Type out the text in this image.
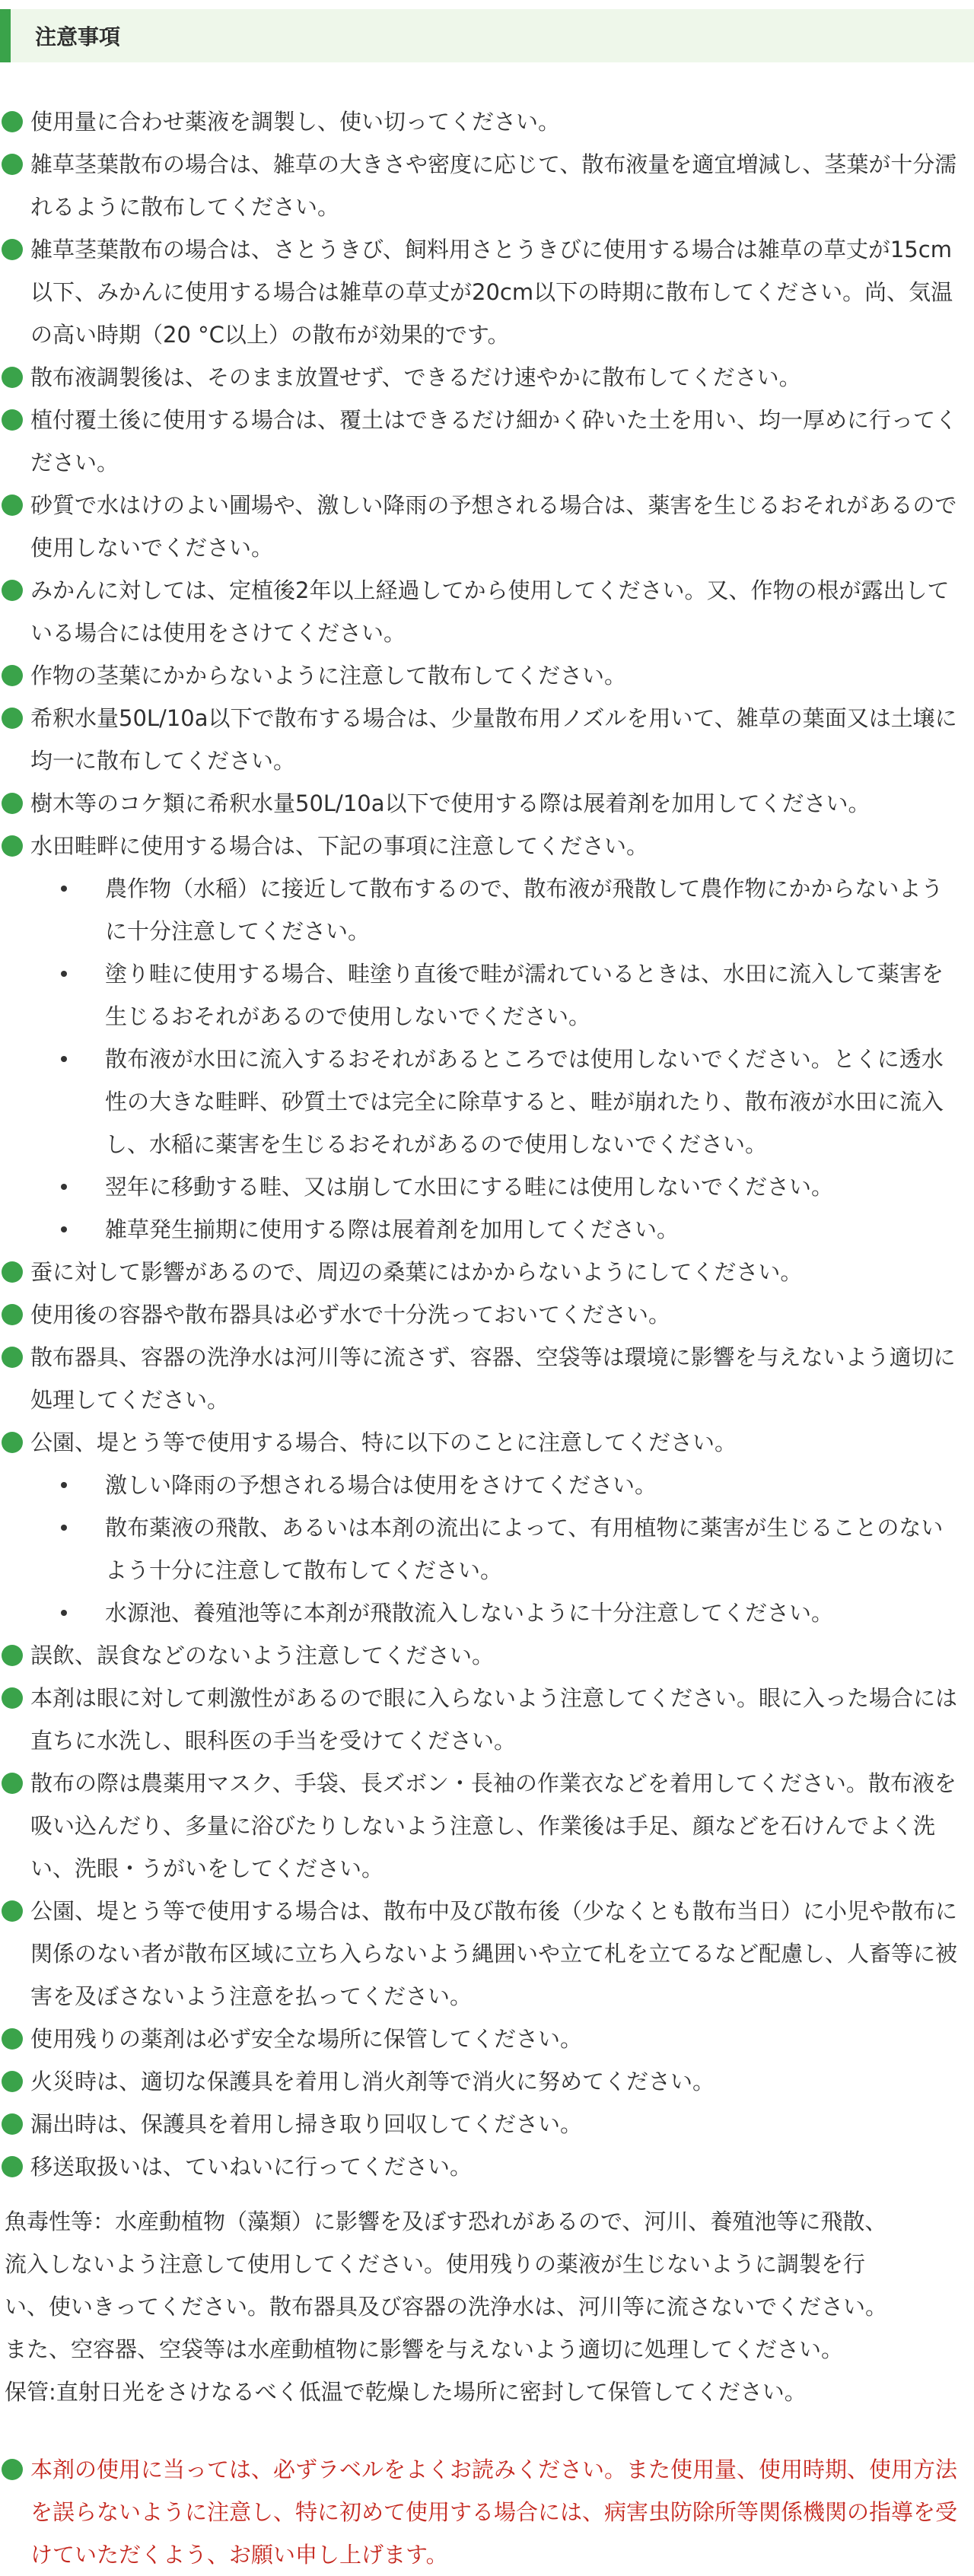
注意事項
使用量に合わせ薬液を調製し、使い切ってください。
雑草茎葉散布の場合は、雑草の大きさや密度に応じて、散布液量を適宜増減し、茎葉が十分濡れるように散布してください。
雑草茎葉散布の場合は、さとうきび、飼料用さとうきびに使用する場合は雑草の草丈が15cm以下、みかんに使用する場合は雑草の草丈が20cm以下の時期に散布してください。尚、気温の高い時期（20 °C以上）の散布が効果的です。
散布液調製後は、そのまま放置せず、できるだけ速やかに散布してください。
植付覆土後に使用する場合は、覆土はできるだけ細かく砕いた土を用い、均一厚めに行ってください。
砂質で水はけのよい圃場や、激しい降雨の予想される場合は、薬害を生じるおそれがあるので使用しないでください。
みかんに対しては、定植後2年以上経過してから使用してください。又、作物の根が露出している場合には使用をさけてください。
作物の茎葉にかからないように注意して散布してください。
希釈水量50L/10a以下で散布する場合は、少量散布用ノズルを用いて、雑草の葉面又は土壌に均一に散布してください。
樹木等のコケ類に希釈水量50L/10a以下で使用する際は展着剤を加用してください。
水田畦畔に使用する場合は、下記の事項に注意してください。
農作物（水稲）に接近して散布するので、散布液が飛散して農作物にかからないように十分注意してください。
塗り畦に使用する場合、畦塗り直後で畦が濡れているときは、水田に流入して薬害を生じるおそれがあるので使用しないでください。
散布液が水田に流入するおそれがあるところでは使用しないでください。とくに透水性の大きな畦畔、砂質土では完全に除草すると、畦が崩れたり、散布液が水田に流入し、水稲に薬害を生じるおそれがあるので使用しないでください。
翌年に移動する畦、又は崩して水田にする畦には使用しないでください。
雑草発生揃期に使用する際は展着剤を加用してください。
蚕に対して影響があるので、周辺の桑葉にはかからないようにしてください。
使用後の容器や散布器具は必ず水で十分洗っておいてください。
散布器具、容器の洗浄水は河川等に流さず、容器、空袋等は環境に影響を与えないよう適切に処理してください。
公園、堤とう等で使用する場合、特に以下のことに注意してください。
激しい降雨の予想される場合は使用をさけてください。
散布薬液の飛散、あるいは本剤の流出によって、有用植物に薬害が生じることのないよう十分に注意して散布してください。
水源池、養殖池等に本剤が飛散流入しないように十分注意してください。
誤飲、誤食などのないよう注意してください。
本剤は眼に対して刺激性があるので眼に入らないよう注意してください。眼に入った場合には直ちに水洗し、眼科医の手当を受けてください。
散布の際は農薬用マスク、手袋、長ズボン・長袖の作業衣などを着用してください。散布液を吸い込んだり、多量に浴びたりしないよう注意し、作業後は手足、顔などを石けんでよく洗い、洗眼・うがいをしてください。
公園、堤とう等で使用する場合は、散布中及び散布後（少なくとも散布当日）に小児や散布に関係のない者が散布区域に立ち入らないよう縄囲いや立て札を立てるなど配慮し、人畜等に被害を及ぼさないよう注意を払ってください。
使用残りの薬剤は必ず安全な場所に保管してください。
火災時は、適切な保護具を着用し消火剤等で消火に努めてください。
漏出時は、保護具を着用し掃き取り回収してください。
移送取扱いは、ていねいに行ってください。
魚毒性等：水産動植物（藻類）に影響を及ぼす恐れがあるので、河川、養殖池等に飛散、
流入しないよう注意して使用してください。使用残りの薬液が生じないように調製を行
い、使いきってください。散布器具及び容器の洗浄水は、河川等に流さないでください。
また、空容器、空袋等は水産動植物に影響を与えないよう適切に処理してください。
保管:直射日光をさけなるべく低温で乾燥した場所に密封して保管してください。
本剤の使用に当っては、必ずラベルをよくお読みください。また使用量、使用時期、使用方法を誤らないように注意し、特に初めて使用する場合には、病害虫防除所等関係機関の指導を受けていただくよう、お願い申し上げます。
